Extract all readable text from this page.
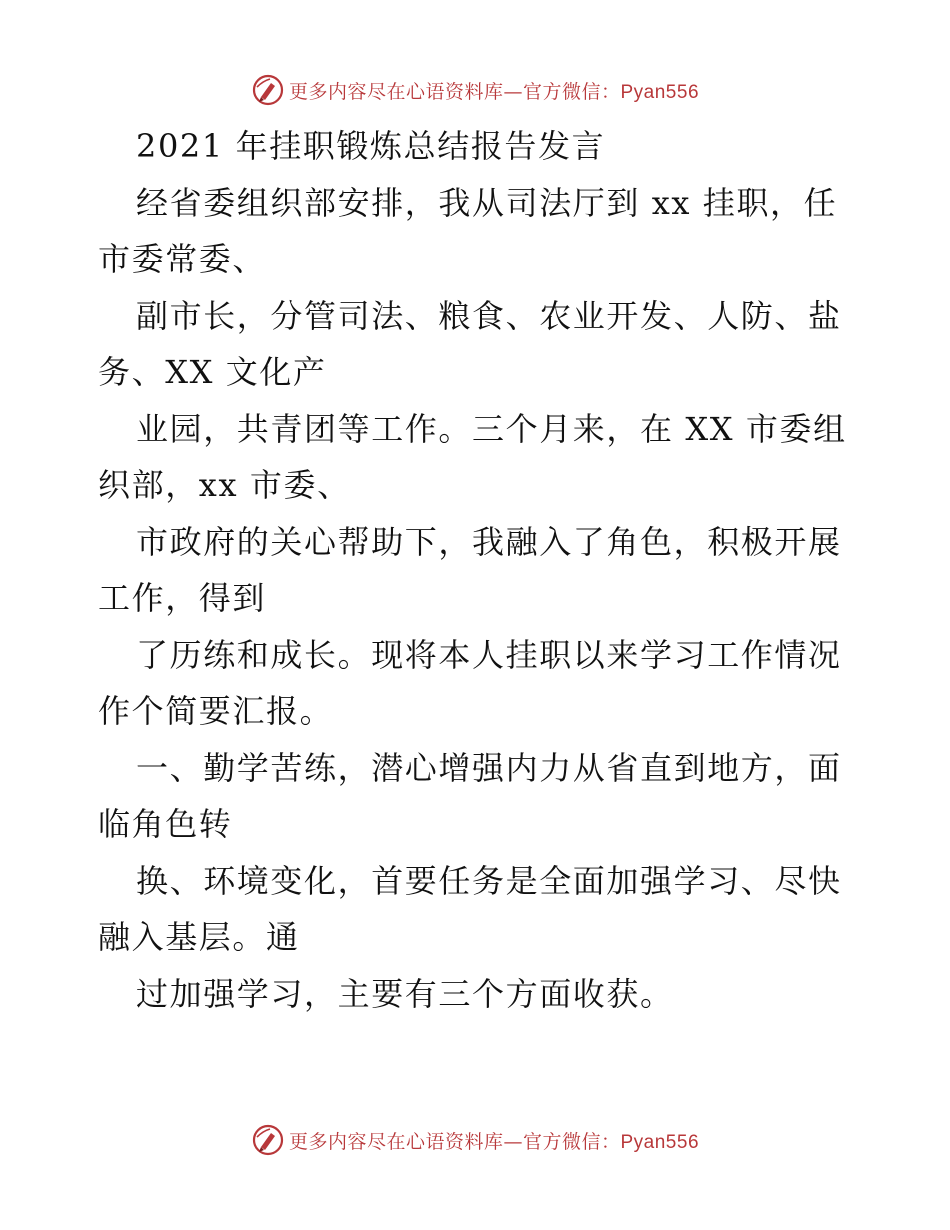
更多内容尽在心语资料库—官方微信：Pyan556
2021 年挂职锻炼总结报告发言
经省委组织部安排，我从司法厅到 xx 挂职，任
市委常委、
副市长，分管司法、粮食、农业开发、人防、盐
务、XX 文化产
业园，共青团等工作。三个月来，在 XX 市委组
织部，xx 市委、
市政府的关心帮助下，我融入了角色，积极开展
工作，得到
了历练和成长。现将本人挂职以来学习工作情况
作个简要汇报。
一、勤学苦练，潜心增强内力从省直到地方，面
临角色转
换、环境变化，首要任务是全面加强学习、尽快
融入基层。通
过加强学习，主要有三个方面收获。
更多内容尽在心语资料库—官方微信：Pyan556
